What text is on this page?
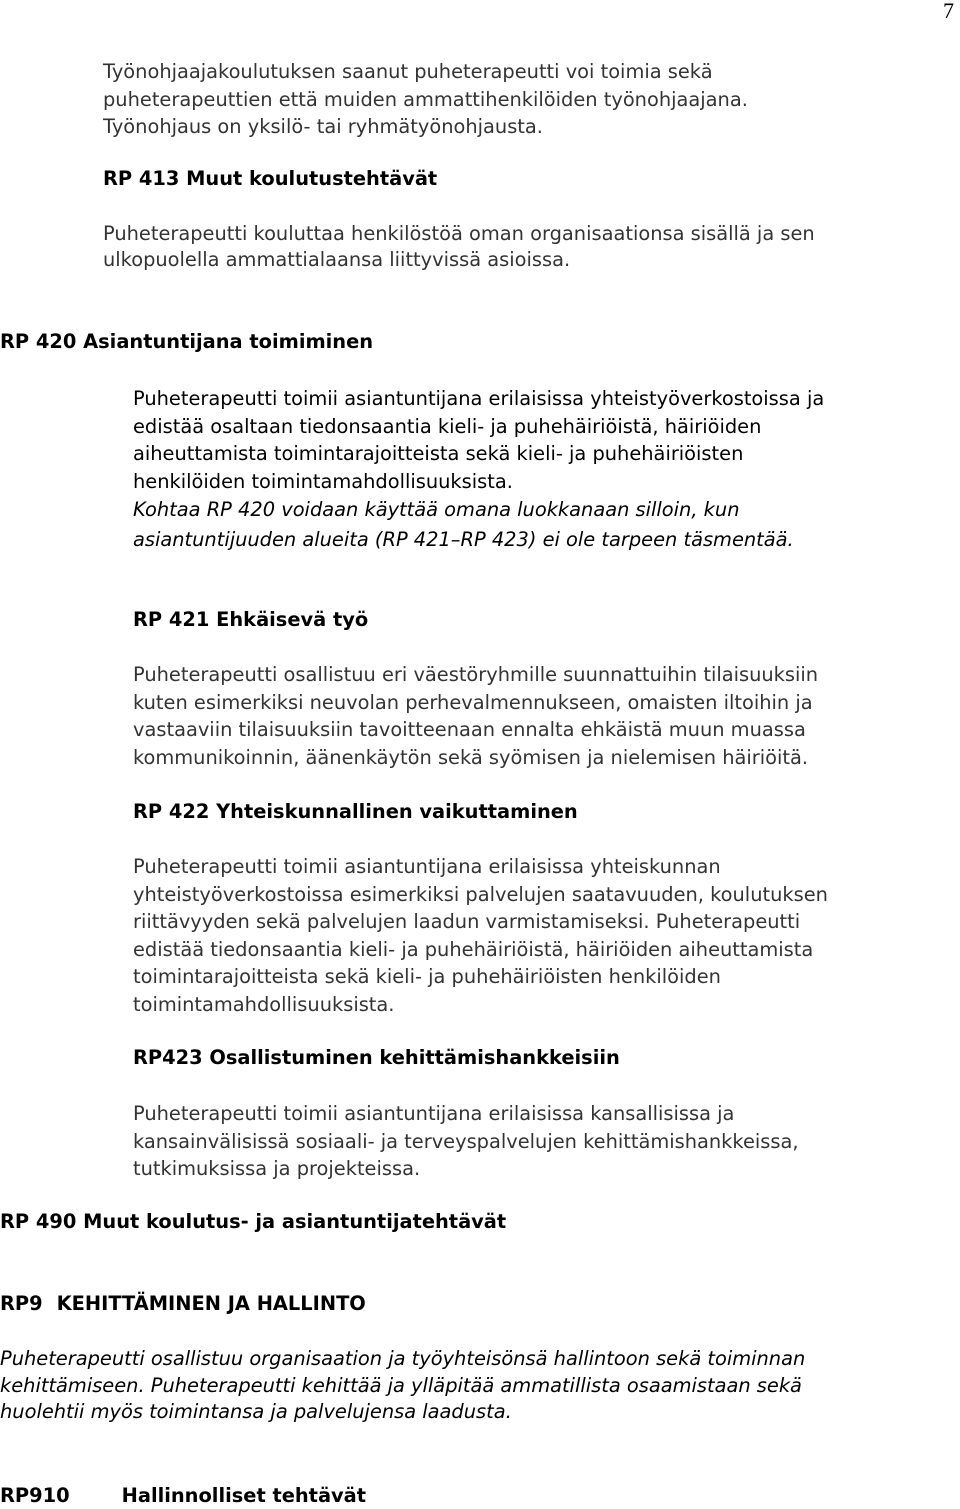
7
Työnohjaajakoulutuksen saanut puheterapeutti voi toimia sekä
puheterapeuttien että muiden ammattihenkilöiden työnohjaajana.
Työnohjaus on yksilö- tai ryhmätyönohjausta.
RP 413 Muut koulutustehtävät
Puheterapeutti kouluttaa henkilöstöä oman organisaationsa sisällä ja sen
ulkopuolella ammattialaansa liittyvissä asioissa.
RP 420 Asiantuntijana toimiminen
Puheterapeutti toimii asiantuntijana erilaisissa yhteistyöverkostoissa ja
edistää osaltaan tiedonsaantia kieli- ja puhehäiriöistä, häiriöiden
aiheuttamista toimintarajoitteista sekä kieli- ja puhehäiriöisten
henkilöiden toimintamahdollisuuksista.
Kohtaa RP 420 voidaan käyttää omana luokkanaan silloin, kun
asiantuntijuuden alueita (RP 421–RP 423) ei ole tarpeen täsmentää.
RP 421 Ehkäisevä työ
Puheterapeutti osallistuu eri väestöryhmille suunnattuihin tilaisuuksiin
kuten esimerkiksi neuvolan perhevalmennukseen, omaisten iltoihin ja
vastaaviin tilaisuuksiin tavoitteenaan ennalta ehkäistä muun muassa
kommunikoinnin, äänenkäytön sekä syömisen ja nielemisen häiriöitä.
RP 422 Yhteiskunnallinen vaikuttaminen
Puheterapeutti toimii asiantuntijana erilaisissa yhteiskunnan
yhteistyöverkostoissa esimerkiksi palvelujen saatavuuden, koulutuksen
riittävyyden sekä palvelujen laadun varmistamiseksi. Puheterapeutti
edistää tiedonsaantia kieli- ja puhehäiriöistä, häiriöiden aiheuttamista
toimintarajoitteista sekä kieli- ja puhehäiriöisten henkilöiden
toimintamahdollisuuksista.
RP423 Osallistuminen kehittämishankkeisiin
Puheterapeutti toimii asiantuntijana erilaisissa kansallisissa ja
kansainvälisissä sosiaali- ja terveyspalvelujen kehittämishankkeissa,
tutkimuksissa ja projekteissa.
RP 490 Muut koulutus- ja asiantuntijatehtävät
RP9 KEHITTÄMINEN JA HALLINTO
Puheterapeutti osallistuu organisaation ja työyhteisönsä hallintoon sekä toiminnan
kehittämiseen. Puheterapeutti kehittää ja ylläpitää ammatillista osaamistaan sekä
huolehtii myös toimintansa ja palvelujensa laadusta.
RP910	Hallinnolliset tehtävät
